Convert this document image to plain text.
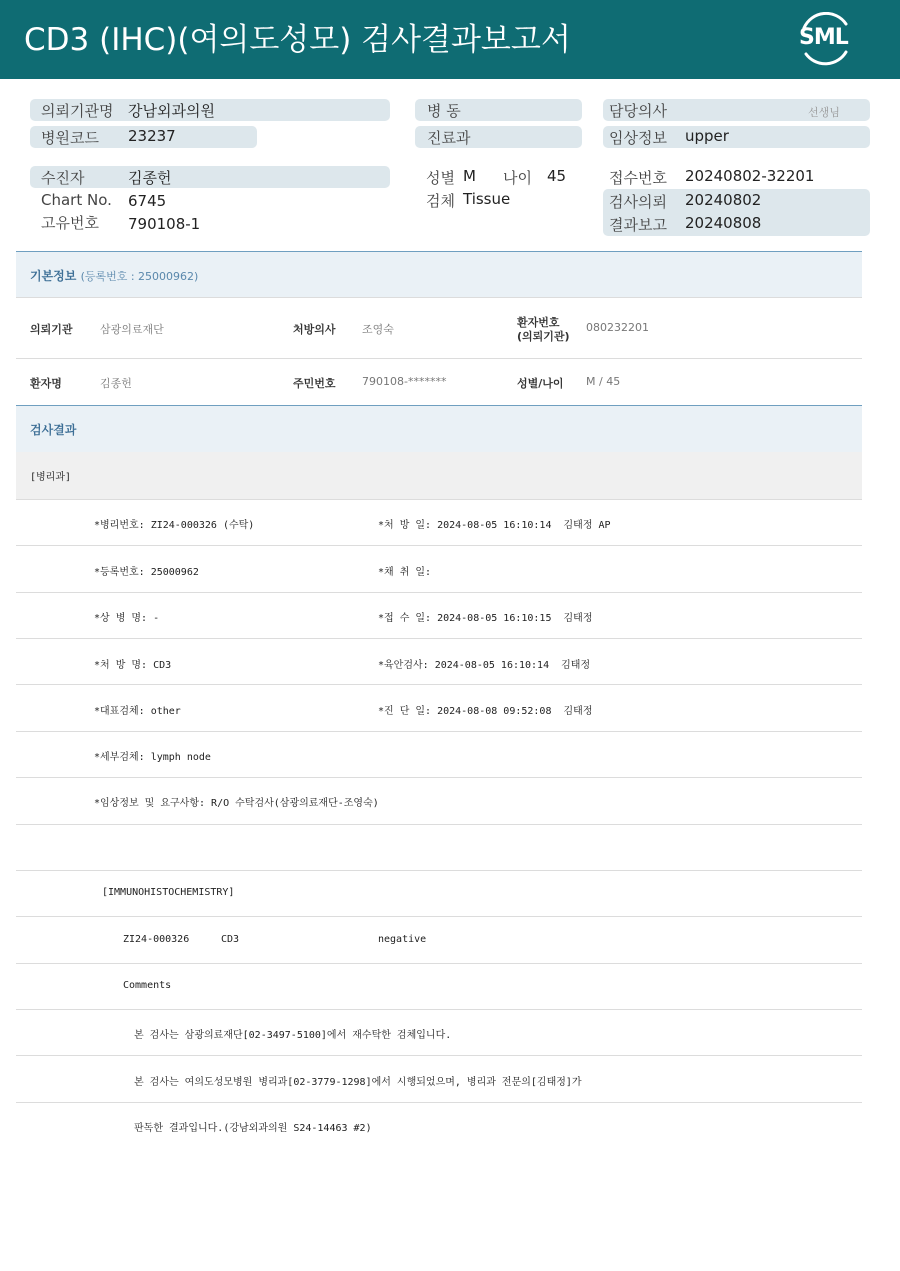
CD3 (IHC)(여의도성모) 검사결과보고서	SML
의뢰기관명 강남외과의원
병원코드 23237
병 동
진료과
담당의사	선생님
임상정보 upper
수진자	김종헌
Chart No. 6745
고유번호 790108-1
성별 M 나이 45
검체 Tissue
접수번호 20240802-32201
검사의뢰 20240802
결과보고 20240808
기본정보 (등록번호 : 25000962)
의뢰기관 삼광의료재단	처방의사 조영숙
환자번호
(의뢰기관)
080232201
환자명	김종헌	주민번호 790108-*******	성별/나이 M / 45
검사결과
[병리과]
*병리번호: ZI24-000326 (수탁)	*처 방 일: 2024-08-05 16:10:14  김태정 AP
*등록번호: 25000962	*채 취 일:
*상 병 명: -	*접 수 일: 2024-08-05 16:10:15  김태정
*처 방 명: CD3	*육안검사: 2024-08-05 16:10:14  김태정
*대표검체: other	*진 단 일: 2024-08-08 09:52:08  김태정
*세부검체: lymph node
*임상정보 및 요구사항: R/O 수탁검사(삼광의료재단-조영숙)
[IMMUNOHISTOCHEMISTRY]
ZI24-000326	CD3	negative
Comments
본 검사는 삼광의료재단[02-3497-5100]에서 재수탁한 검체입니다.
본 검사는 여의도성모병원 병리과[02-3779-1298]에서 시행되었으며, 병리과 전문의[김태정]가
판독한 결과입니다.(강남외과의원 S24-14463 #2)
